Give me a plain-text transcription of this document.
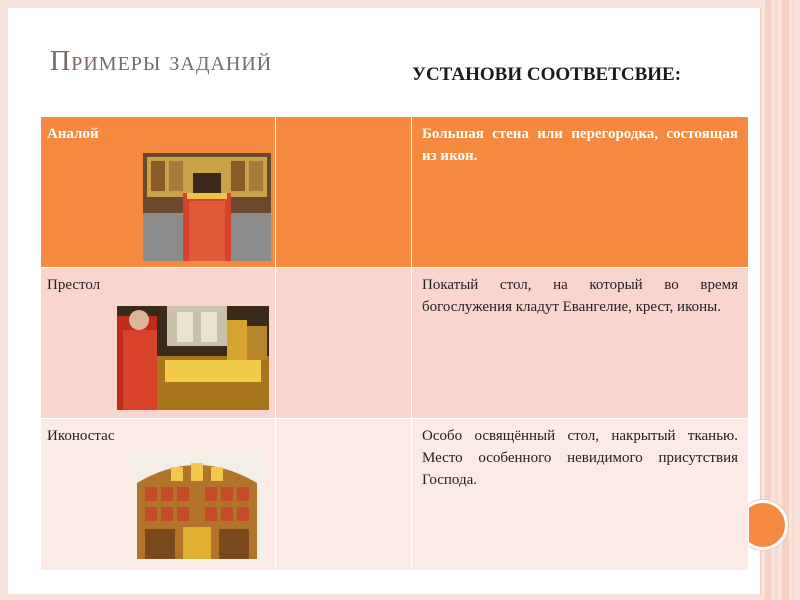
Примеры заданий	УСТАНОВИ СООТВЕТСВИЕ:
Аналой		Большая стена или перегородка, состоящая из икон.

Престол		Покатый стол, на который во время богослужения кладут Евангелие, крест, иконы.

Иконостас		Особо освящённый стол, накрытый тканью. Место особенного невидимого присутствия Господа.
